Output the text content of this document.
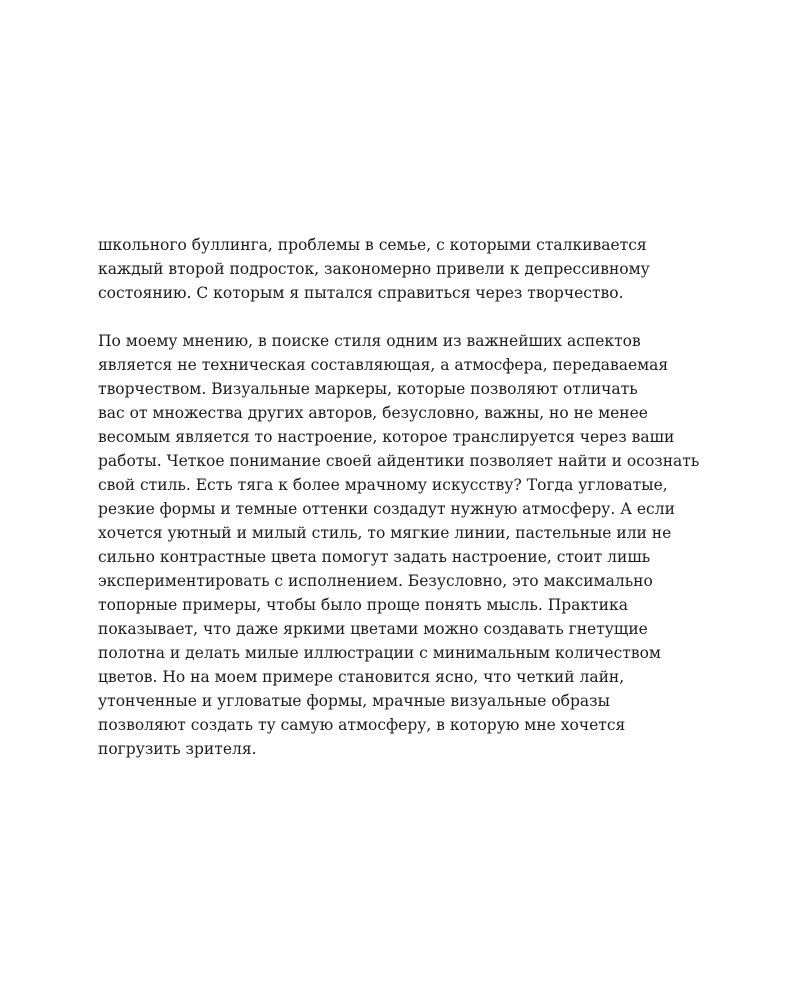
школьного буллинга, проблемы в семье, с которыми сталкивается
каждый второй подросток, закономерно привели к депрессивному
состоянию. С которым я пытался справиться через творчество.

По моему мнению, в поиске стиля одним из важнейших аспектов
является не техническая составляющая, а атмосфера, передаваемая
творчеством. Визуальные маркеры, которые позволяют отличать
вас от множества других авторов, безусловно, важны, но не менее
весомым является то настроение, которое транслируется через ваши
работы. Четкое понимание своей айдентики позволяет найти и осознать
свой стиль. Есть тяга к более мрачному искусству? Тогда угловатые,
резкие формы и темные оттенки создадут нужную атмосферу. А если
хочется уютный и милый стиль, то мягкие линии, пастельные или не
сильно контрастные цвета помогут задать настроение, стоит лишь
экспериментировать с исполнением. Безусловно, это максимально
топорные примеры, чтобы было проще понять мысль. Практика
показывает, что даже яркими цветами можно создавать гнетущие
полотна и делать милые иллюстрации с минимальным количеством
цветов. Но на моем примере становится ясно, что четкий лайн,
утонченные и угловатые формы, мрачные визуальные образы
позволяют создать ту самую атмосферу, в которую мне хочется
погрузить зрителя.
